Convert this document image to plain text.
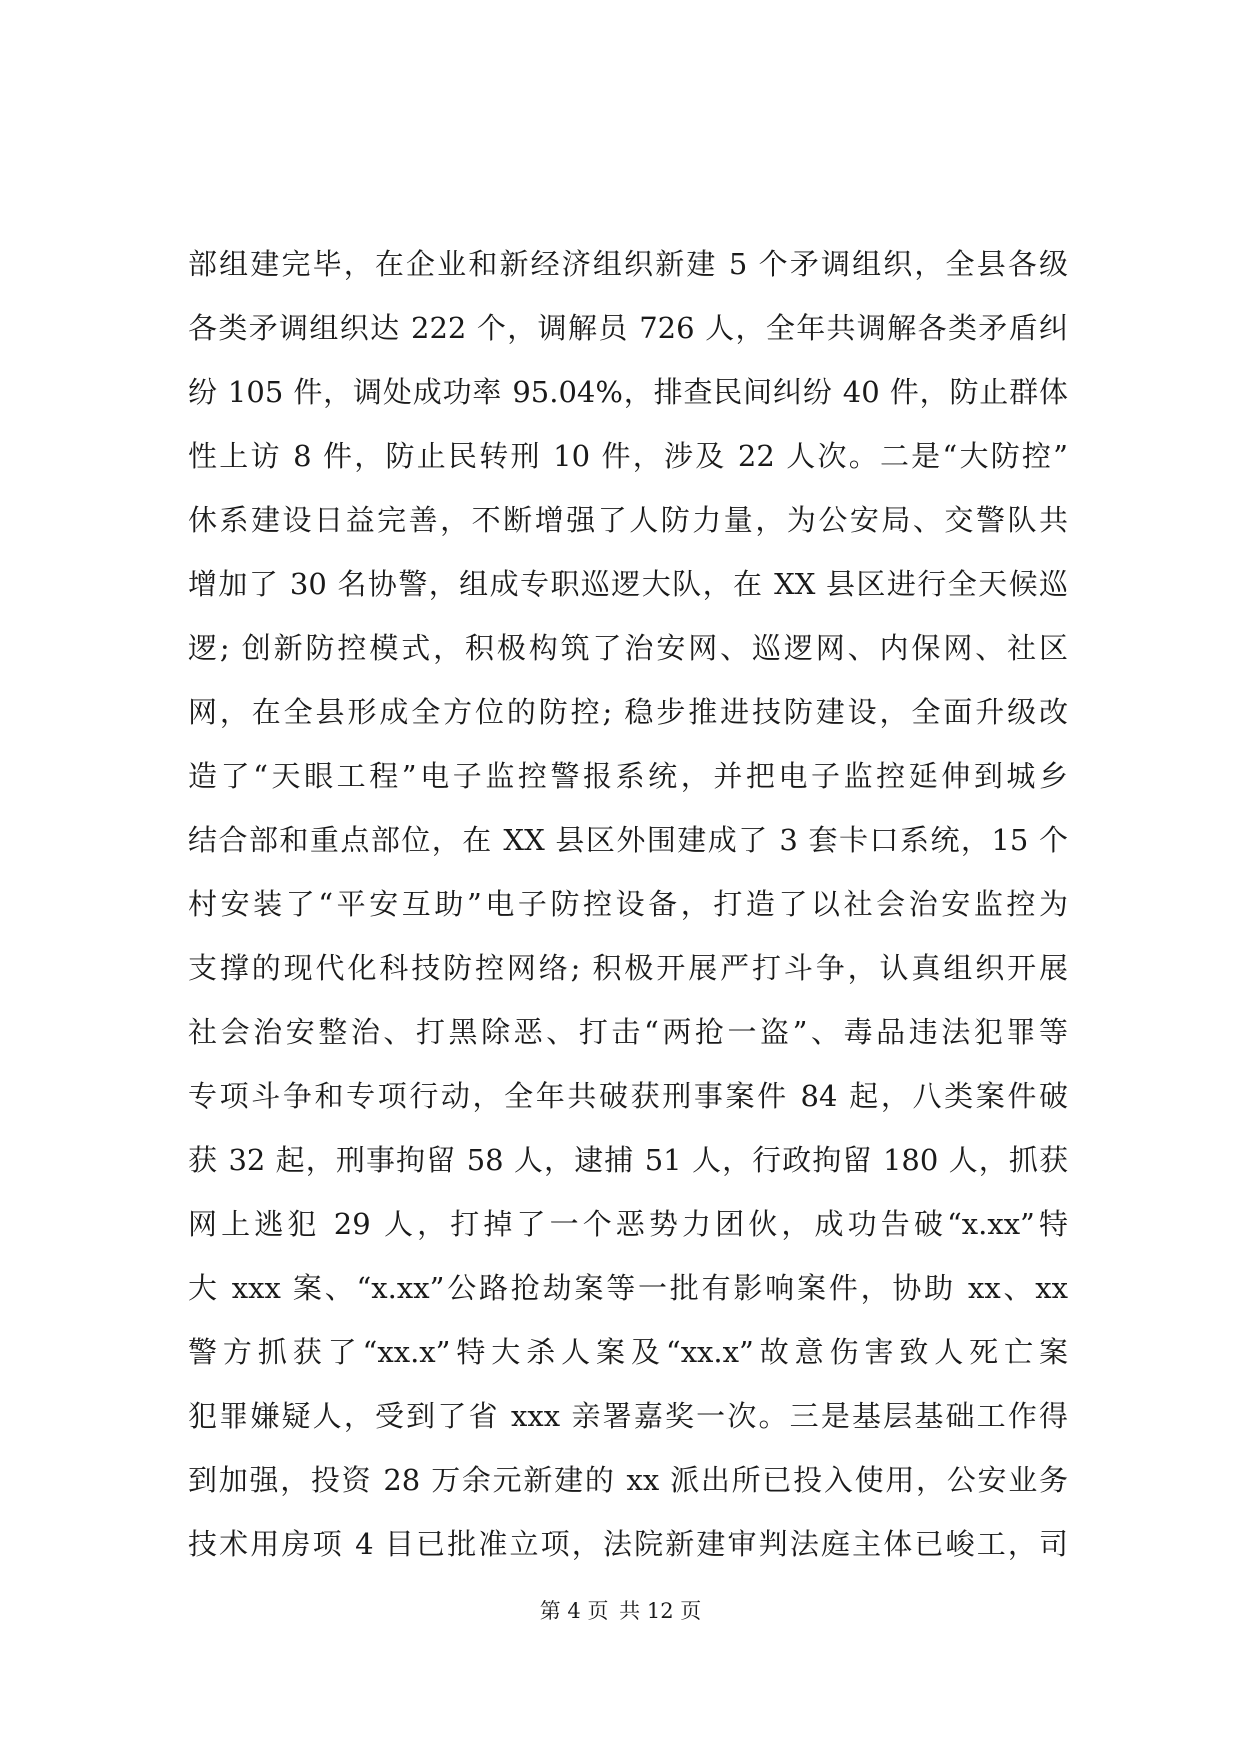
部组建完毕，在企业和新经济组织新建 5 个矛调组织，全县各级
各类矛调组织达 222 个，调解员 726 人，全年共调解各类矛盾纠
纷 105 件，调处成功率 95.04%，排查民间纠纷 40 件，防止群体
性上访 8 件，防止民转刑 10 件，涉及 22 人次。二是“大防控”
休系建设日益完善，不断增强了人防力量，为公安局、交警队共
增加了 30 名协警，组成专职巡逻大队，在 XX 县区进行全天候巡
逻; 创新防控模式，积极构筑了治安网、巡逻网、内保网、社区
网，在全县形成全方位的防控; 稳步推进技防建设，全面升级改
造了“天眼工程”电子监控警报系统，并把电子监控延伸到城乡
结合部和重点部位，在 XX 县区外围建成了 3 套卡口系统，15 个
村安装了“平安互助”电子防控设备，打造了以社会治安监控为
支撑的现代化科技防控网络; 积极开展严打斗争，认真组织开展
社会治安整治、打黑除恶、打击“两抢一盗”、毒品违法犯罪等
专项斗争和专项行动，全年共破获刑事案件 84 起，八类案件破
获 32 起，刑事拘留 58 人，逮捕 51 人，行政拘留 180 人，抓获
网上逃犯 29 人，打掉了一个恶势力团伙，成功告破“x.xx”特
大 xxx 案、“x.xx”公路抢劫案等一批有影响案件，协助 xx、xx
警方抓获了“xx.x”特大杀人案及“xx.x”故意伤害致人死亡案
犯罪嫌疑人，受到了省 xxx 亲署嘉奖一次。三是基层基础工作得
到加强，投资 28 万余元新建的 xx 派出所已投入使用，公安业务
技术用房项 4 目已批准立项，法院新建审判法庭主体已峻工，司
第 4 页 共 12 页
